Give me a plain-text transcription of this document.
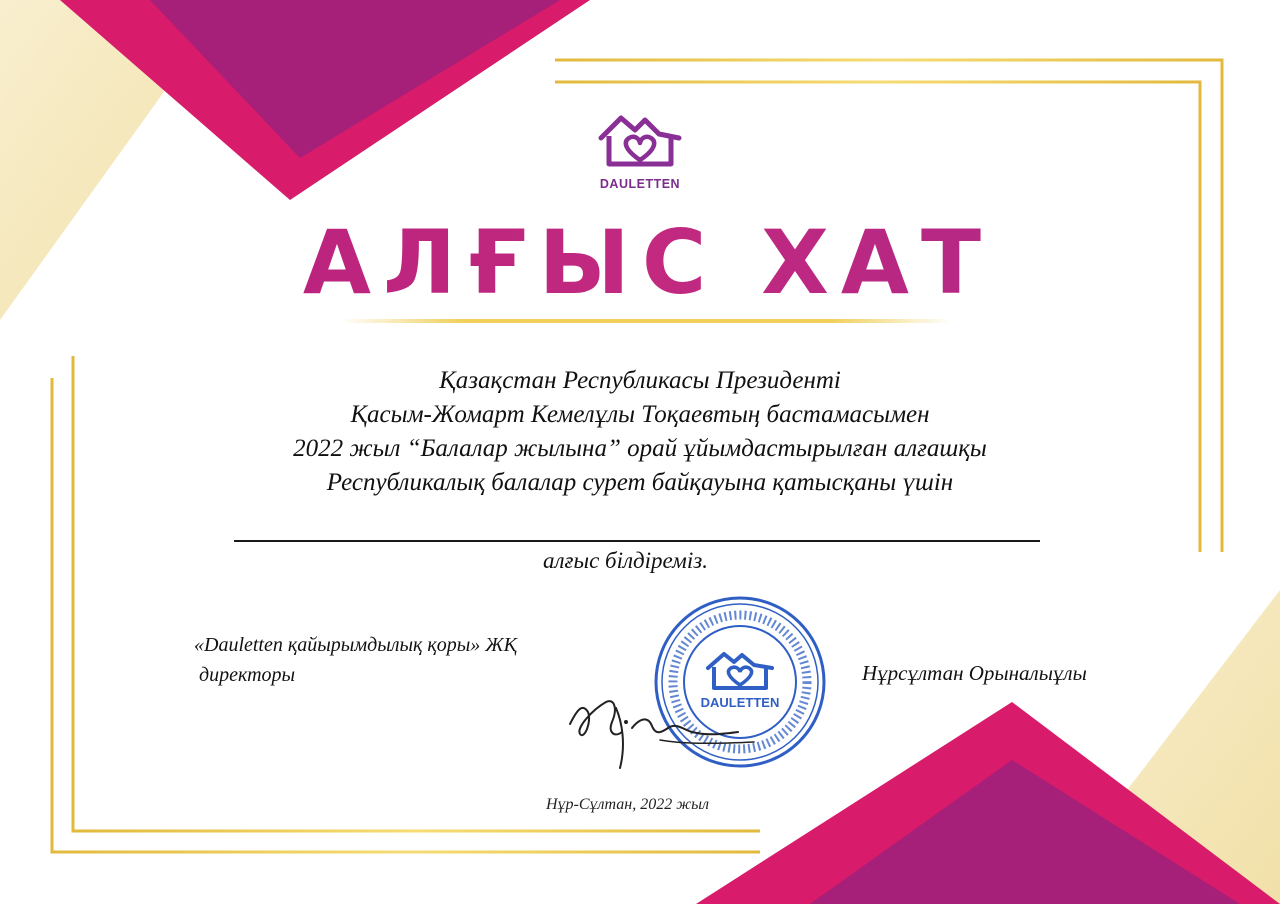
DAULETTEN
АЛҒЫС ХАТ
Қазақстан Республикасы Президенті
Қасым-Жомарт Кемелұлы Тоқаевтың бастамасымен
2022 жыл “Балалар жылына” орай ұйымдастырылған алғашқы
Республикалық балалар сурет байқауына қатысқаны үшін
алғыс білдіреміз.
«Dauletten қайырымдылық қоры» ЖҚ
директоры	Нұрсұлтан Орыналыұлы
DAULETTEN
Нұр-Сұлтан, 2022 жыл
